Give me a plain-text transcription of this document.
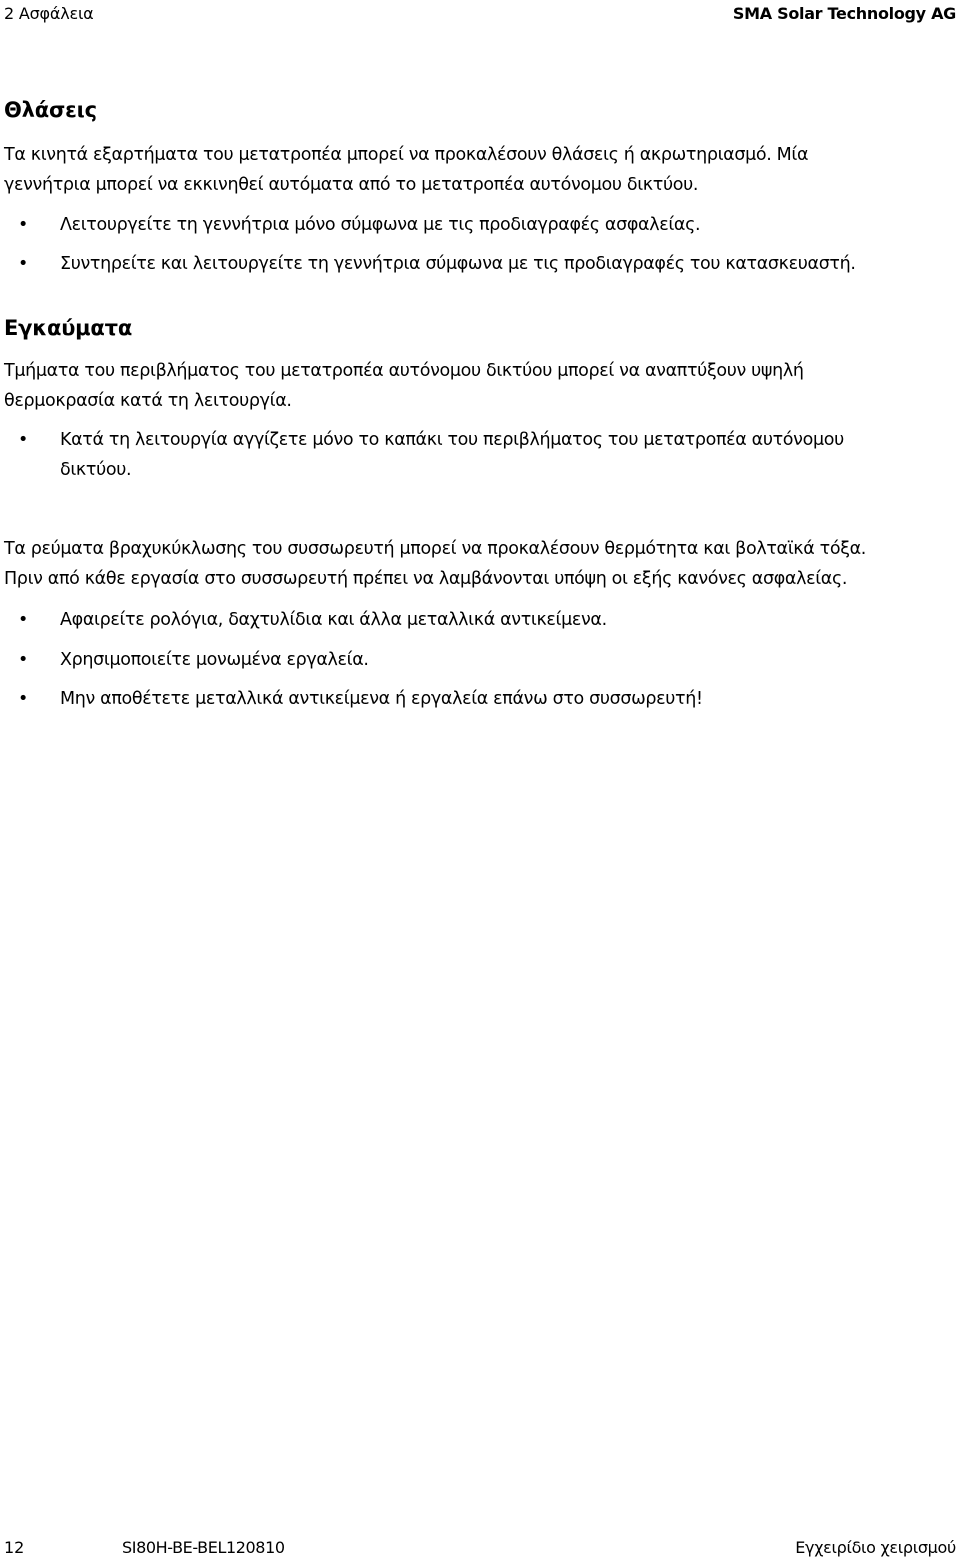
2 Ασφάλεια	SMA Solar Technology AG
Θλάσεις
Τα κινητά εξαρτήματα του μετατροπέα μπορεί να προκαλέσουν θλάσεις ή ακρωτηριασμό. Μία
γεννήτρια μπορεί να εκκινηθεί αυτόματα από το μετατροπέα αυτόνομου δικτύου.
• Λειτουργείτε τη γεννήτρια μόνο σύμφωνα με τις προδιαγραφές ασφαλείας.
• Συντηρείτε και λειτουργείτε τη γεννήτρια σύμφωνα με τις προδιαγραφές του κατασκευαστή.
Εγκαύματα
Τμήματα του περιβλήματος του μετατροπέα αυτόνομου δικτύου μπορεί να αναπτύξουν υψηλή
θερμοκρασία κατά τη λειτουργία.
• Κατά τη λειτουργία αγγίζετε μόνο το καπάκι του περιβλήματος του μετατροπέα αυτόνομου
δικτύου.
Τα ρεύματα βραχυκύκλωσης του συσσωρευτή μπορεί να προκαλέσουν θερμότητα και βολταϊκά τόξα.
Πριν από κάθε εργασία στο συσσωρευτή πρέπει να λαμβάνονται υπόψη οι εξής κανόνες ασφαλείας.
• Αφαιρείτε ρολόγια, δαχτυλίδια και άλλα μεταλλικά αντικείμενα.
• Χρησιμοποιείτε μονωμένα εργαλεία.
• Μην αποθέτετε μεταλλικά αντικείμενα ή εργαλεία επάνω στο συσσωρευτή!
12	SI80H-BE-BEL120810	Εγχειρίδιο χειρισμού
